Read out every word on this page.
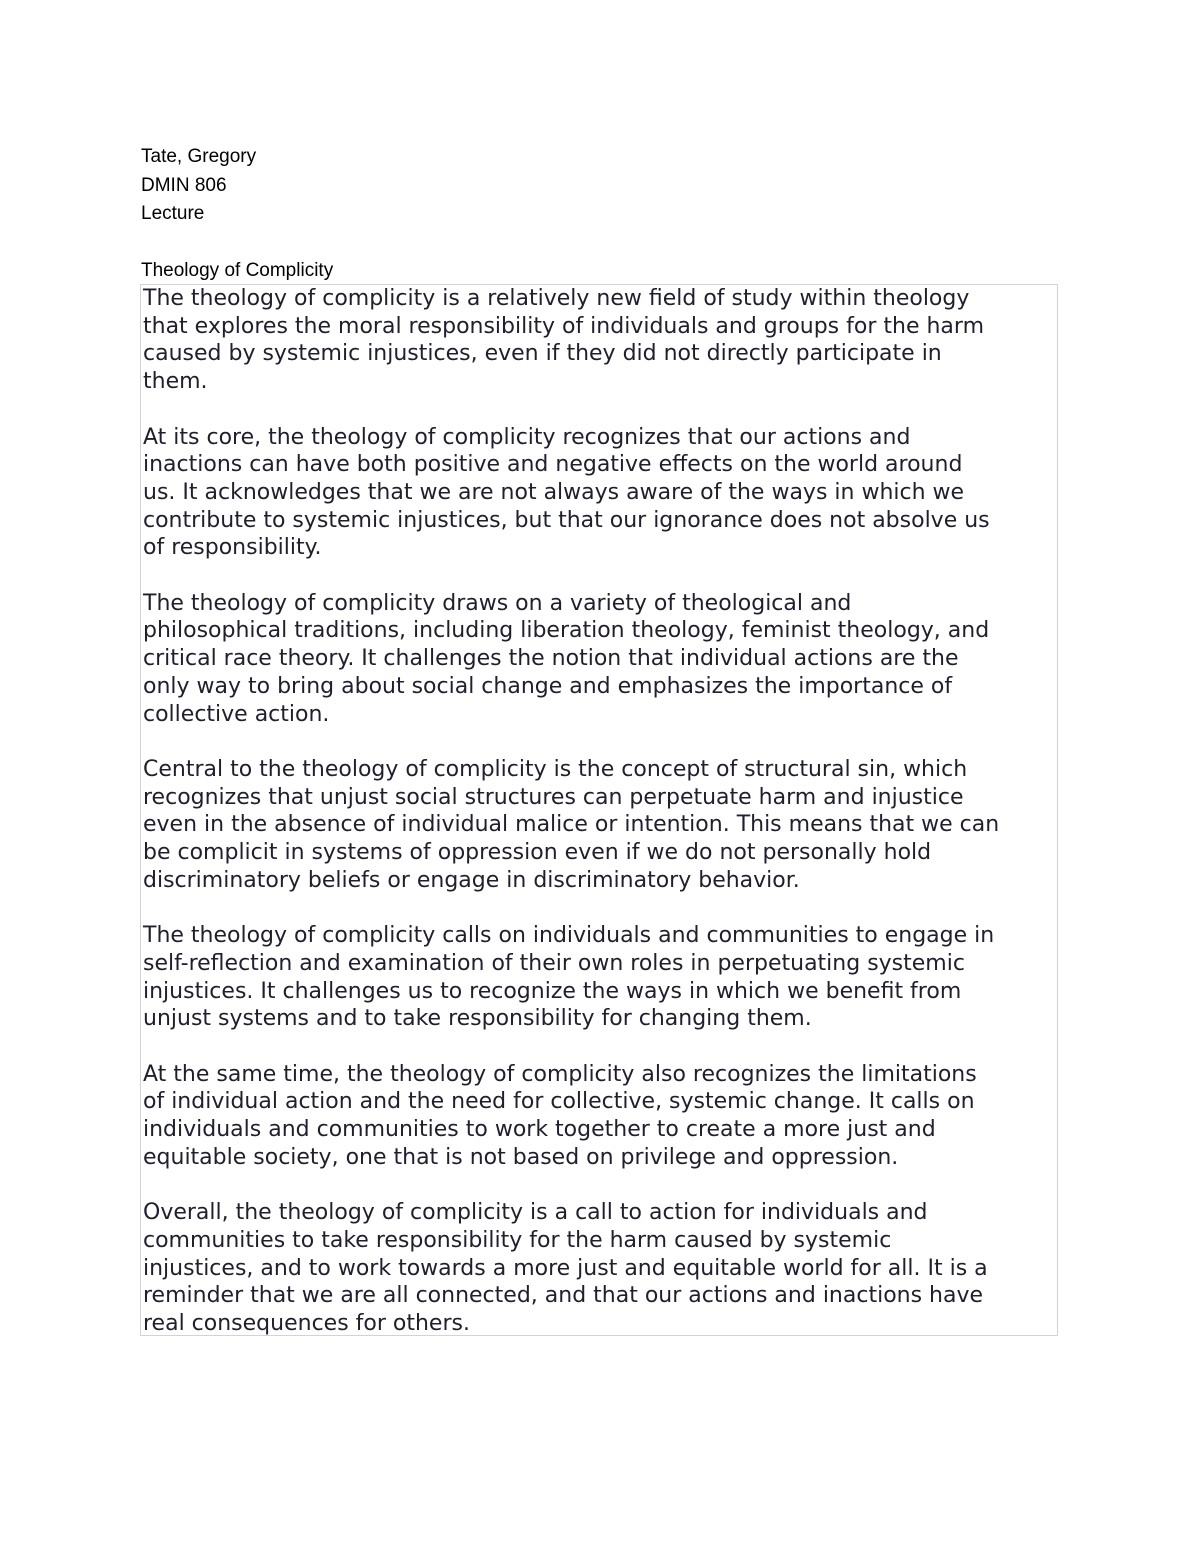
Tate, Gregory
DMIN 806
Lecture
Theology of Complicity
The theology of complicity is a relatively new field of study within theology
that explores the moral responsibility of individuals and groups for the harm
caused by systemic injustices, even if they did not directly participate in
them.
At its core, the theology of complicity recognizes that our actions and
inactions can have both positive and negative effects on the world around
us. It acknowledges that we are not always aware of the ways in which we
contribute to systemic injustices, but that our ignorance does not absolve us
of responsibility.
The theology of complicity draws on a variety of theological and
philosophical traditions, including liberation theology, feminist theology, and
critical race theory. It challenges the notion that individual actions are the
only way to bring about social change and emphasizes the importance of
collective action.
Central to the theology of complicity is the concept of structural sin, which
recognizes that unjust social structures can perpetuate harm and injustice
even in the absence of individual malice or intention. This means that we can
be complicit in systems of oppression even if we do not personally hold
discriminatory beliefs or engage in discriminatory behavior.
The theology of complicity calls on individuals and communities to engage in
self-reflection and examination of their own roles in perpetuating systemic
injustices. It challenges us to recognize the ways in which we benefit from
unjust systems and to take responsibility for changing them.
At the same time, the theology of complicity also recognizes the limitations
of individual action and the need for collective, systemic change. It calls on
individuals and communities to work together to create a more just and
equitable society, one that is not based on privilege and oppression.
Overall, the theology of complicity is a call to action for individuals and
communities to take responsibility for the harm caused by systemic
injustices, and to work towards a more just and equitable world for all. It is a
reminder that we are all connected, and that our actions and inactions have
real consequences for others.
